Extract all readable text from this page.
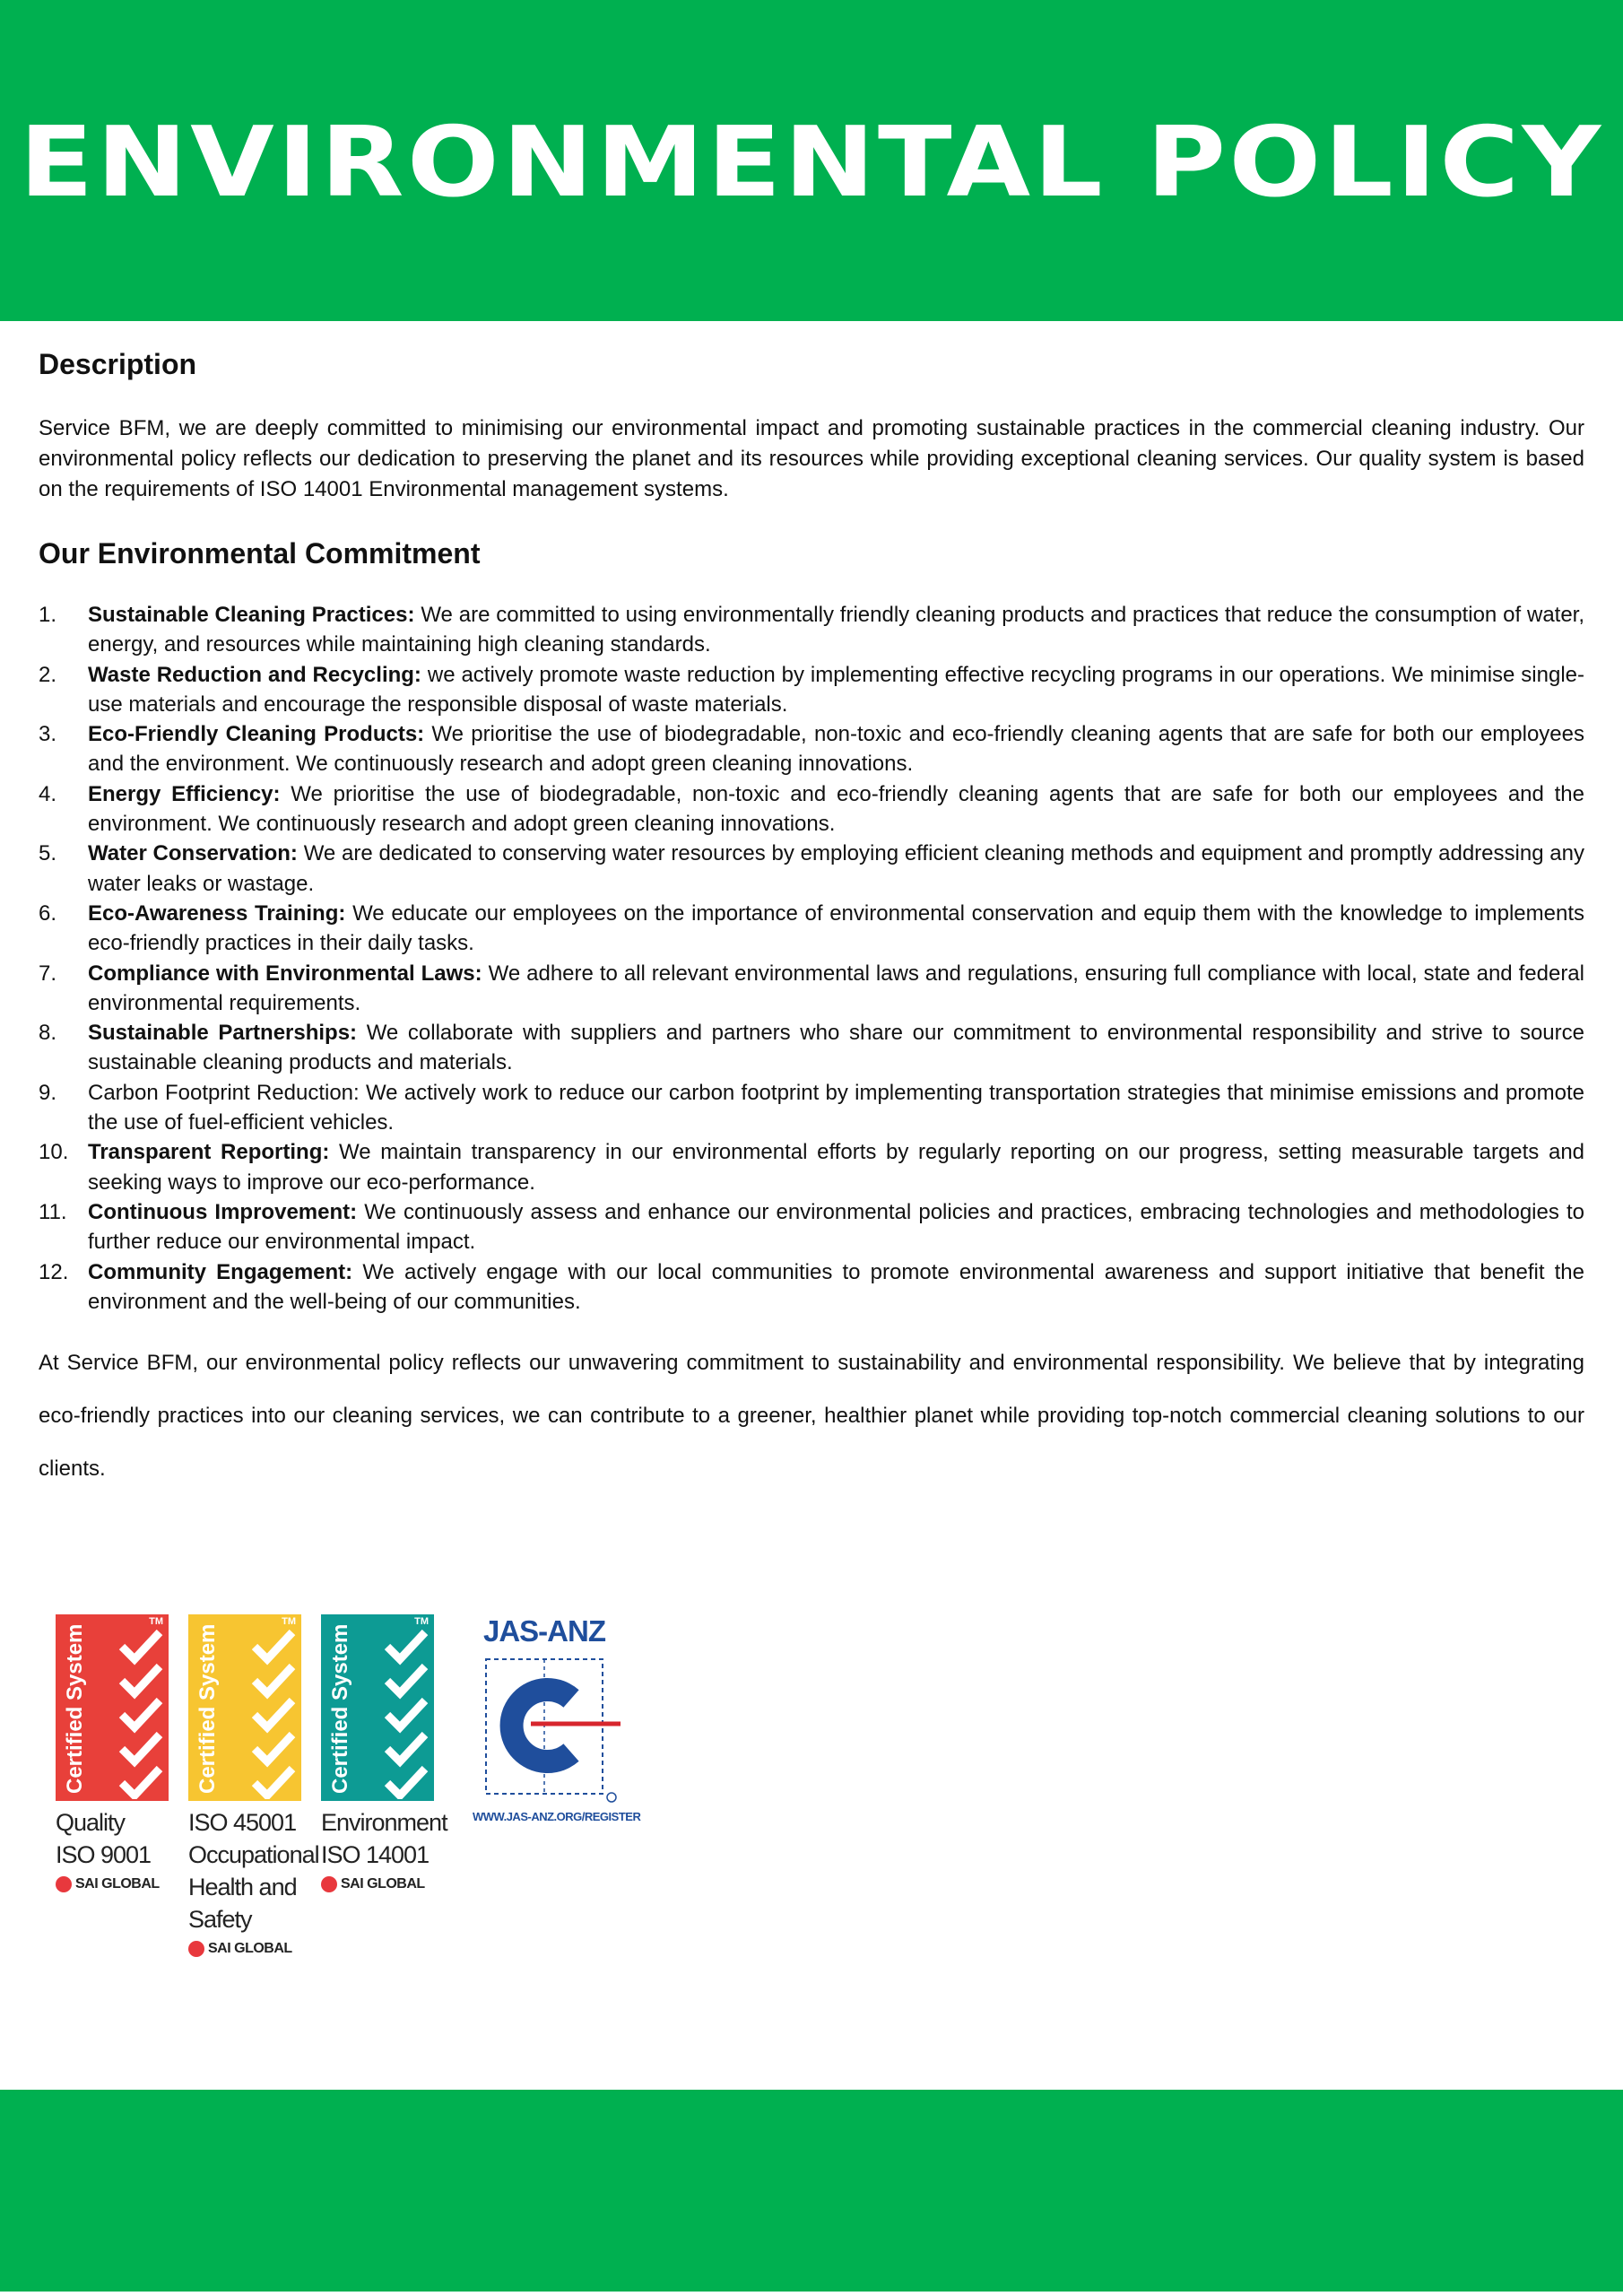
ENVIRONMENTAL POLICY
Description

Service BFM, we are deeply committed to minimising our environmental impact and promoting sustainable practices in the commercial cleaning industry. Our environmental policy reflects our dedication to preserving the planet and its resources while providing exceptional cleaning services. Our quality system is based on the requirements of ISO 14001 Environmental management systems.

Our Environmental Commitment
1.	Sustainable Cleaning Practices: We are committed to using environmentally friendly cleaning products and practices that reduce the consumption of water, energy, and resources while maintaining high cleaning standards.
2.	Waste Reduction and Recycling: we actively promote waste reduction by implementing effective recycling programs in our operations. We minimise single-use materials and encourage the responsible disposal of waste materials.
3.	Eco-Friendly Cleaning Products: We prioritise the use of biodegradable, non-toxic and eco-friendly cleaning agents that are safe for both our employees and the environment. We continuously research and adopt green cleaning innovations.
4.	Energy Efficiency: We prioritise the use of biodegradable, non-toxic and eco-friendly cleaning agents that are safe for both our employees and the environment. We continuously research and adopt green cleaning innovations.
5.	Water Conservation: We are dedicated to conserving water resources by employing efficient cleaning methods and equipment and promptly addressing any water leaks or wastage.
6.	Eco-Awareness Training: We educate our employees on the importance of environmental conservation and equip them with the knowledge to implements eco-friendly practices in their daily tasks.
7.	Compliance with Environmental Laws: We adhere to all relevant environmental laws and regulations, ensuring full compliance with local, state and federal environmental requirements.
8.	Sustainable Partnerships: We collaborate with suppliers and partners who share our commitment to environmental responsibility and strive to source sustainable cleaning products and materials.
9.	Carbon Footprint Reduction: We actively work to reduce our carbon footprint by implementing transportation strategies that minimise emissions and promote the use of fuel-efficient vehicles.
10. Transparent Reporting: We maintain transparency in our environmental efforts by regularly reporting on our progress, setting measurable targets and seeking ways to improve our eco-performance.
11. Continuous Improvement: We continuously assess and enhance our environmental policies and practices, embracing technologies and methodologies to further reduce our environmental impact.
12. Community Engagement: We actively engage with our local communities to promote environmental awareness and support initiative that benefit the environment and the well-being of our communities.

At Service BFM, our environmental policy reflects our unwavering commitment to sustainability and environmental responsibility. We believe that by integrating eco-friendly practices into our cleaning services, we can contribute to a greener, healthier planet while providing top-notch commercial cleaning solutions to our clients.

TM
Certified System
Quality
ISO 9001
SAI GLOBAL
TM
Certified System
ISO 45001
Occupational
Health and
Safety
SAI GLOBAL
TM
Certified System
Environment
ISO 14001
SAI GLOBAL
JAS-ANZ
WWW.JAS-ANZ.ORG/REGISTER
